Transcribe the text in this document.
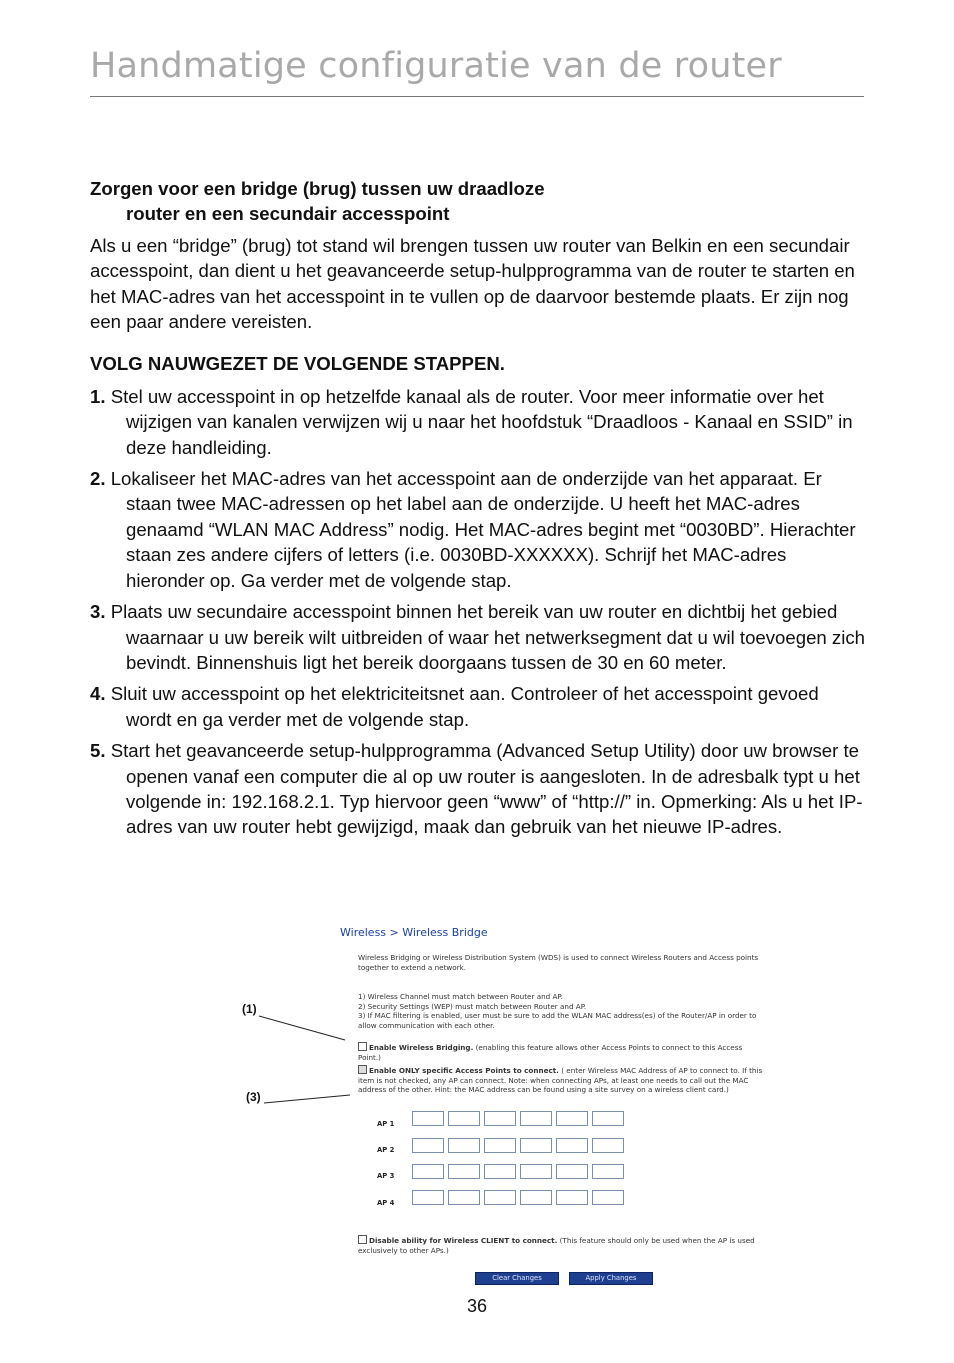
Handmatige configuratie van de router

Zorgen voor een bridge (brug) tussen uw draadloze
router en een secundair accesspoint

Als u een “bridge” (brug) tot stand wil brengen tussen uw router van Belkin en een secundair accesspoint, dan dient u het geavanceerde setup-hulpprogramma van de router te starten en het MAC-adres van het accesspoint in te vullen op de daarvoor bestemde plaats. Er zijn nog een paar andere vereisten.

VOLG NAUWGEZET DE VOLGENDE STAPPEN.

1. Stel uw accesspoint in op hetzelfde kanaal als de router. Voor meer informatie over het wijzigen van kanalen verwijzen wij u naar het hoofdstuk “Draadloos - Kanaal en SSID” in deze handleiding.

2. Lokaliseer het MAC-adres van het accesspoint aan de onderzijde van het apparaat. Er staan twee MAC-adressen op het label aan de onderzijde. U heeft het MAC-adres genaamd “WLAN MAC Address” nodig. Het MAC-adres begint met “0030BD”. Hierachter staan zes andere cijfers of letters (i.e. 0030BD-XXXXXX). Schrijf het MAC-adres hieronder op. Ga verder met de volgende stap.

3. Plaats uw secundaire accesspoint binnen het bereik van uw router en dichtbij het gebied waarnaar u uw bereik wilt uitbreiden of waar het netwerksegment dat u wil toevoegen zich bevindt. Binnenshuis ligt het bereik doorgaans tussen de 30 en 60 meter.

4. Sluit uw accesspoint op het elektriciteitsnet aan. Controleer of het accesspoint gevoed wordt en ga verder met de volgende stap.

5. Start het geavanceerde setup-hulpprogramma (Advanced Setup Utility) door uw browser te openen vanaf een computer die al op uw router is aangesloten. In de adresbalk typt u het volgende in: 192.168.2.1. Typ hiervoor geen “www” of “http://” in. Opmerking: Als u het IP-adres van uw router hebt gewijzigd, maak dan gebruik van het nieuwe IP-adres.

Wireless > Wireless Bridge
Wireless Bridging or Wireless Distribution System (WDS) is used to connect Wireless Routers and Access points together to extend a network.
1) Wireless Channel must match between Router and AP.
2) Security Settings (WEP) must match between Router and AP.
3) If MAC filtering is enabled, user must be sure to add the WLAN MAC address(es) of the Router/AP in order to allow communication with each other.
Enable Wireless Bridging. (enabling this feature allows other Access Points to connect to this Access Point.)
Enable ONLY specific Access Points to connect. ( enter Wireless MAC Address of AP to connect to. If this item is not checked, any AP can connect. Note: when connecting APs, at least one needs to call out the MAC address of the other. Hint: the MAC address can be found using a site survey on a wireless client card.)
AP 1
AP 2
AP 3
AP 4
Disable ability for Wireless CLIENT to connect. (This feature should only be used when the AP is used exclusively to other APs.)
Clear Changes	Apply Changes
(1)
(3)
36
